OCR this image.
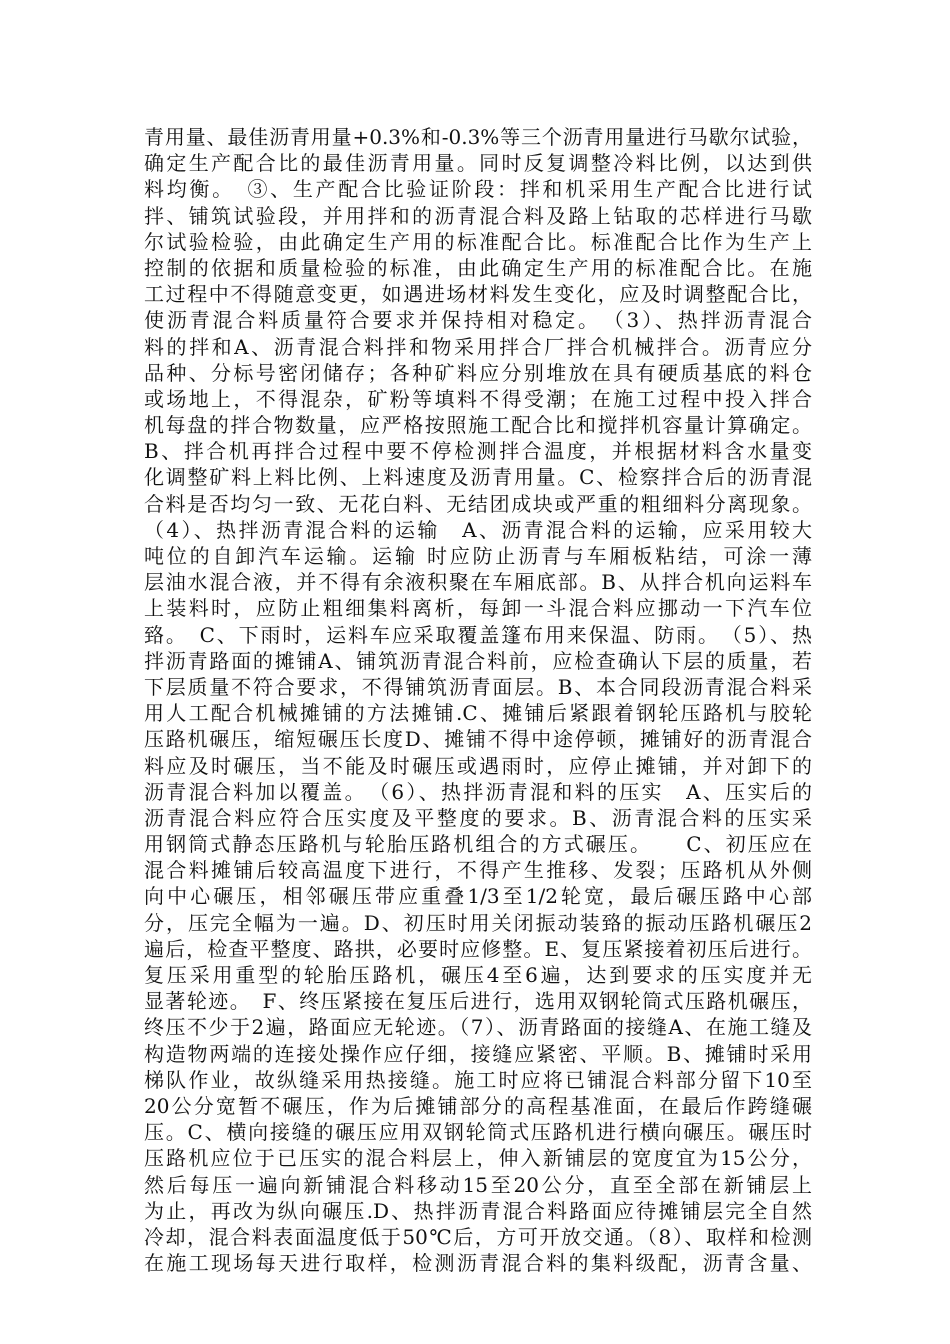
青用量、最佳沥青用量+0.3%和-0.3%等三个沥青用量进行马歇尔试验，
确定生产配合比的最佳沥青用量。同时反复调整冷料比例，以达到供
料均衡。　③、生产配合比验证阶段：拌和机采用生产配合比进行试
拌、铺筑试验段，并用拌和的沥青混合料及路上钻取的芯样进行马歇
尔试验检验，由此确定生产用的标准配合比。标准配合比作为生产上
控制的依据和质量检验的标准，由此确定生产用的标准配合比。在施
工过程中不得随意变更，如遇进场材料发生变化，应及时调整配合比，
使沥青混合料质量符合要求并保持相对稳定。　（3）、热拌沥青混合
料的拌和A、沥青混合料拌和物采用拌合厂拌合机械拌合。沥青应分
品种、分标号密闭储存；各种矿料应分别堆放在具有硬质基底的料仓
或场地上，不得混杂，矿粉等填料不得受潮；在施工过程中投入拌合
机每盘的拌合物数量，应严格按照施工配合比和搅拌机容量计算确定。
B、拌合机再拌合过程中要不停检测拌合温度，并根据材料含水量变
化调整矿料上料比例、上料速度及沥青用量。C、检察拌合后的沥青混
合料是否均匀一致、无花白料、无结团成块或严重的粗细料分离现象。
（4）、热拌沥青混合料的运输　A、沥青混合料的运输，应采用较大
吨位的自卸汽车运输。运输 时应防止沥青与车厢板粘结，可涂一薄
层油水混合液，并不得有余液积聚在车厢底部。B、从拌合机向运料车
上装料时，应防止粗细集料离析，每卸一斗混合料应挪动一下汽车位
臵。　C、下雨时，运料车应采取覆盖篷布用来保温、防雨。　（5）、热
拌沥青路面的摊铺A、铺筑沥青混合料前，应检查确认下层的质量，若
下层质量不符合要求，不得铺筑沥青面层。B、本合同段沥青混合料采
用人工配合机械摊铺的方法摊铺.C、摊铺后紧跟着钢轮压路机与胶轮
压路机碾压，缩短碾压长度D、摊铺不得中途停顿，摊铺好的沥青混合
料应及时碾压，当不能及时碾压或遇雨时，应停止摊铺，并对卸下的
沥青混合料加以覆盖。　（6）、热拌沥青混和料的压实　A、压实后的
沥青混合料应符合压实度及平整度的要求。B、沥青混合料的压实采
用钢筒式静态压路机与轮胎压路机组合的方式碾压。　　C、初压应在
混合料摊铺后较高温度下进行，不得产生推移、发裂；压路机从外侧
向中心碾压，相邻碾压带应重叠1/3至1/2轮宽，最后碾压路中心部
分，压完全幅为一遍。D、初压时用关闭振动装臵的振动压路机碾压2
遍后，检查平整度、路拱，必要时应修整。E、复压紧接着初压后进行。
复压采用重型的轮胎压路机，碾压4至6遍，达到要求的压实度并无
显著轮迹。　F、终压紧接在复压后进行，选用双钢轮筒式压路机碾压，
终压不少于2遍，路面应无轮迹。（7）、沥青路面的接缝A、在施工缝及
构造物两端的连接处操作应仔细，接缝应紧密、平顺。B、摊铺时采用
梯队作业，故纵缝采用热接缝。施工时应将已铺混合料部分留下10至
20公分宽暂不碾压，作为后摊铺部分的高程基准面，在最后作跨缝碾
压。C、横向接缝的碾压应用双钢轮筒式压路机进行横向碾压。碾压时
压路机应位于已压实的混合料层上，伸入新铺层的宽度宜为15公分，
然后每压一遍向新铺混合料移动15至20公分，直至全部在新铺层上
为止，再改为纵向碾压.D、热拌沥青混合料路面应待摊铺层完全自然
冷却，混合料表面温度低于50℃后，方可开放交通。（8）、取样和检测
在施工现场每天进行取样，检测沥青混合料的集料级配，沥青含量、
